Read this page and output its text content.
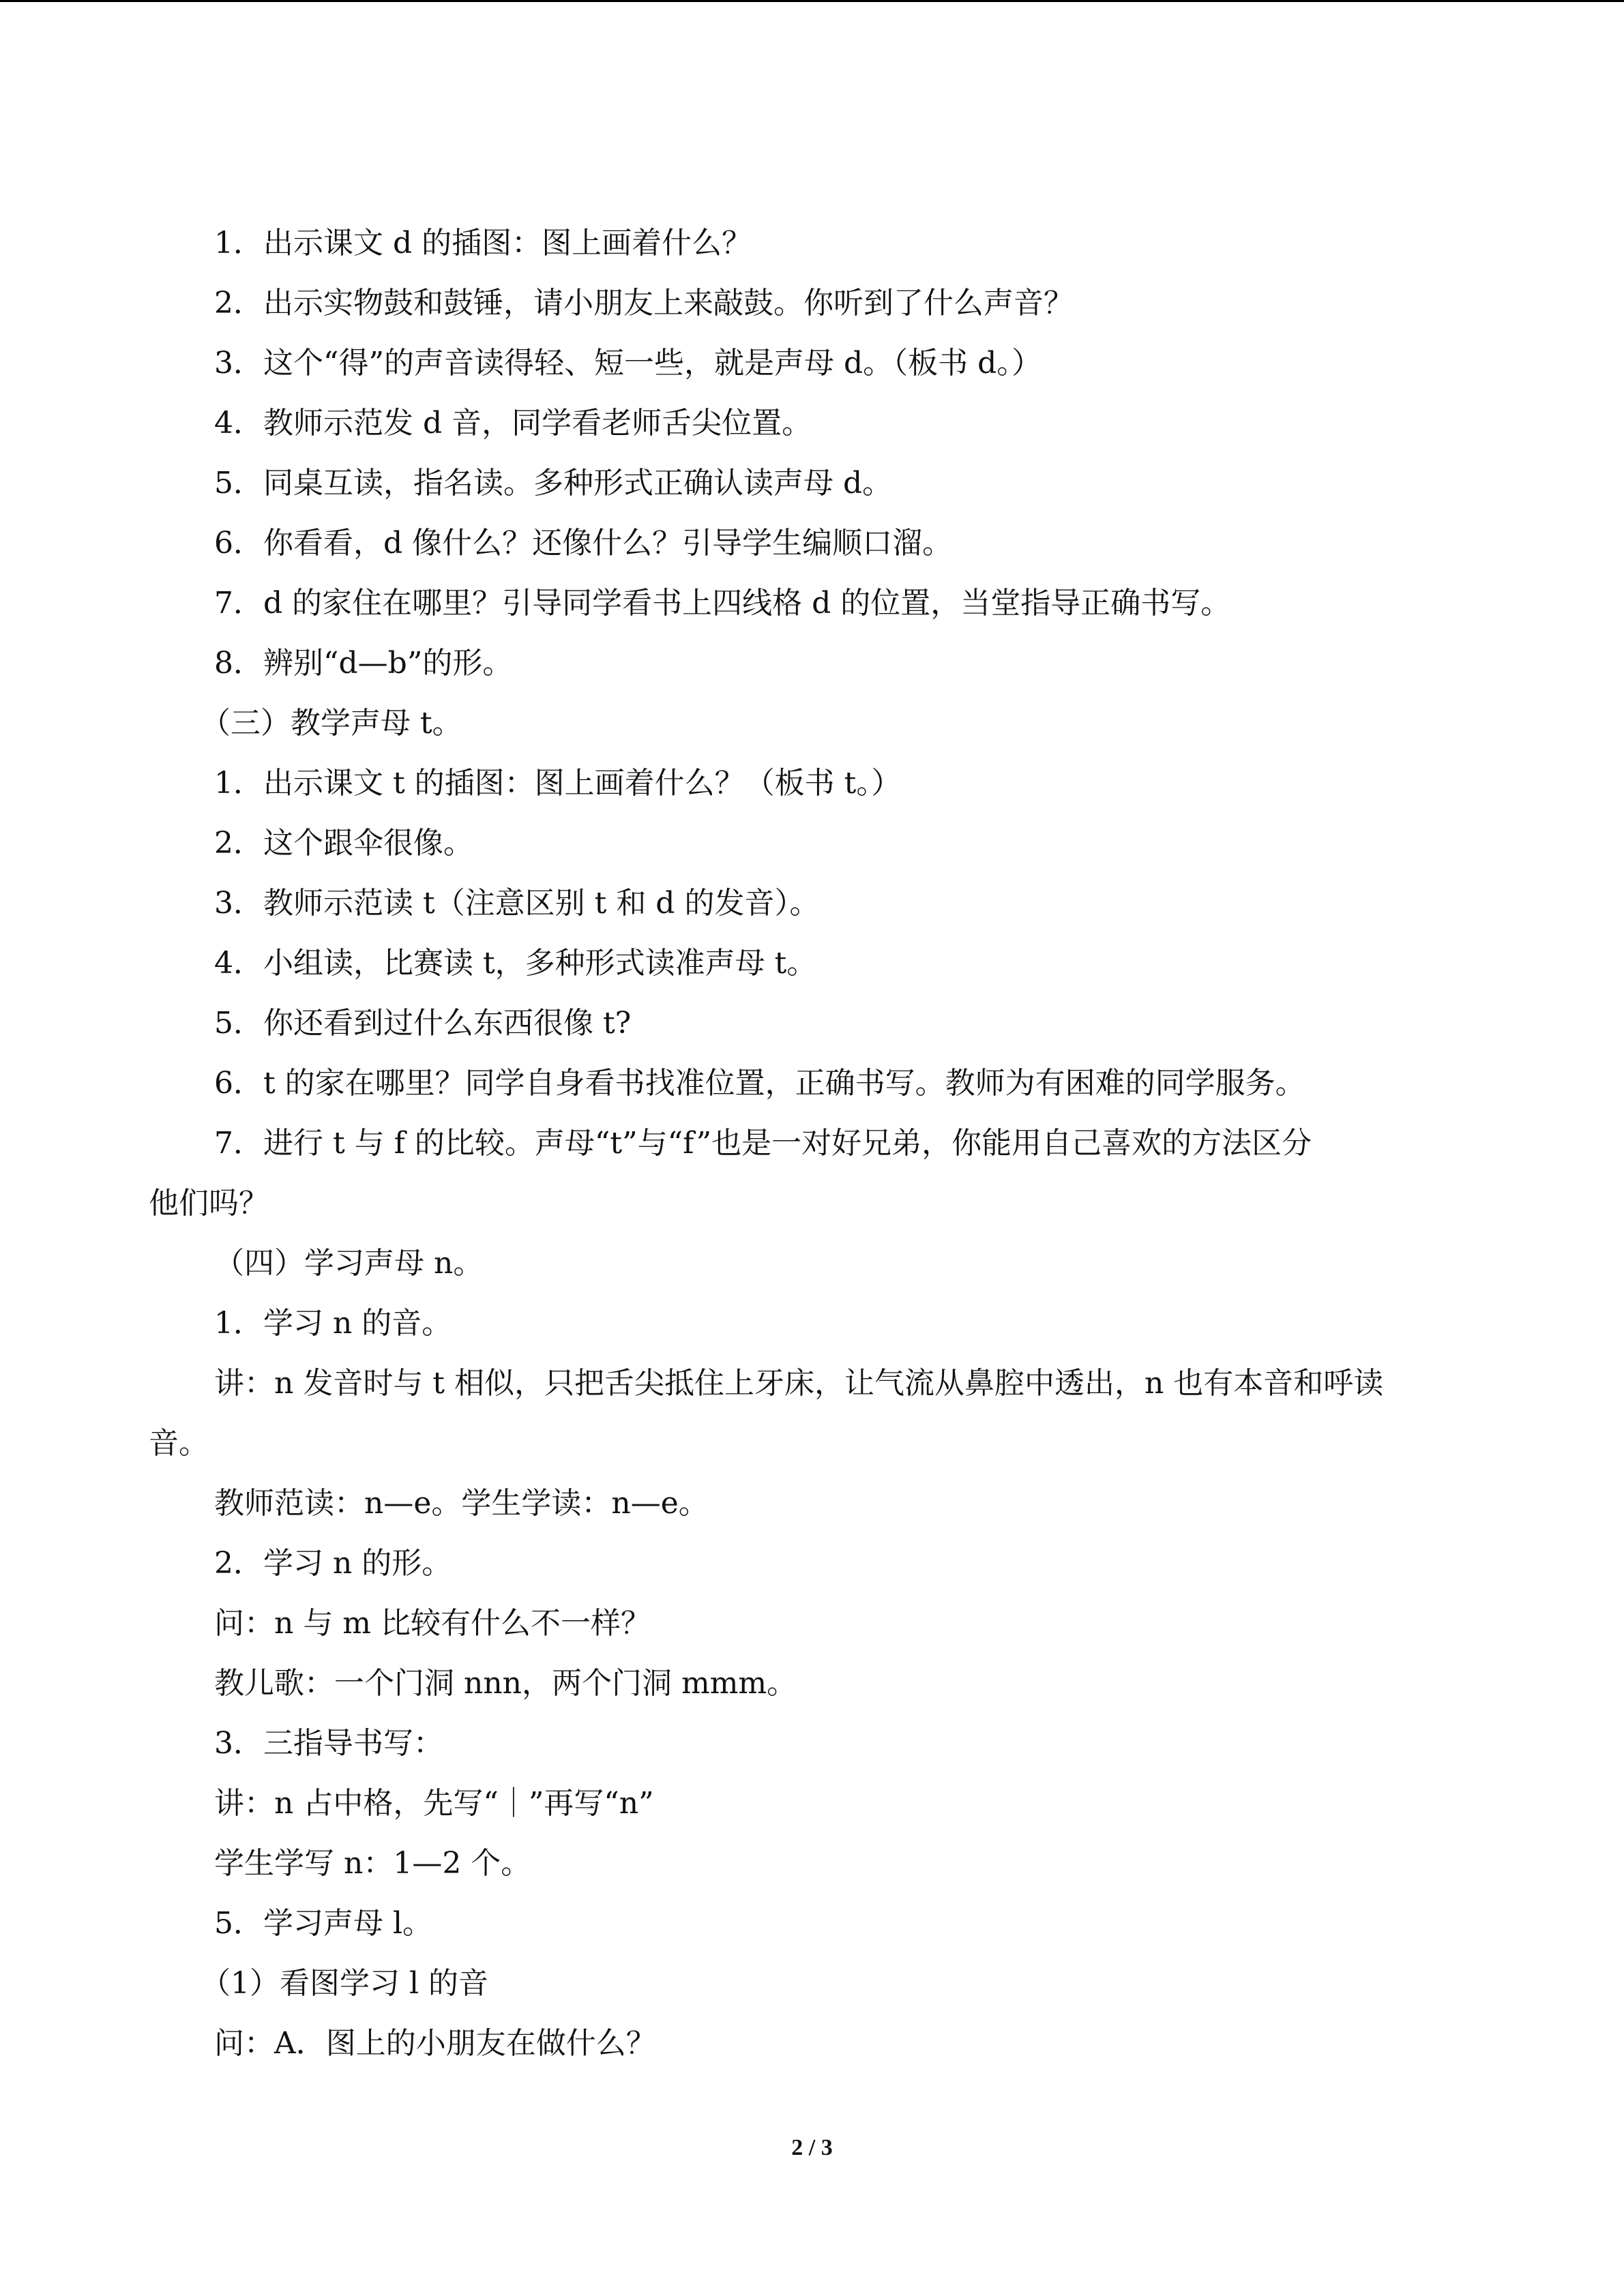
1．出示课文 d 的插图：图上画着什么？
2．出示实物鼓和鼓锤，请小朋友上来敲鼓。你听到了什么声音？
3．这个“得”的声音读得轻、短一些，就是声母 d。（板书 d。）
4．教师示范发 d 音，同学看老师舌尖位置。
5．同桌互读，指名读。多种形式正确认读声母 d。
6．你看看，d 像什么？还像什么？引导学生编顺口溜。
7．d 的家住在哪里？引导同学看书上四线格 d 的位置，当堂指导正确书写。
8．辨别“d—b”的形。
（三）教学声母 t。
1．出示课文 t 的插图：图上画着什么？（板书 t。）
2．这个跟伞很像。
3．教师示范读 t（注意区别 t 和 d 的发音）。
4．小组读，比赛读 t，多种形式读准声母 t。
5．你还看到过什么东西很像 t?
6．t 的家在哪里？同学自身看书找准位置，正确书写。教师为有困难的同学服务。
7．进行 t 与 f 的比较。声母“t”与“f”也是一对好兄弟，你能用自己喜欢的方法区分
他们吗？
（四）学习声母 n。
1．学习 n 的音。
讲：n 发音时与 t 相似，只把舌尖抵住上牙床，让气流从鼻腔中透出，n 也有本音和呼读
音。
教师范读：n—e。学生学读：n—e。
2．学习 n 的形。
问：n 与 m 比较有什么不一样？
教儿歌：一个门洞 nnn，两个门洞 mmm。
3．三指导书写：
讲：n 占中格，先写“｜”再写“n”
学生学写 n：1—2 个。
5．学习声母 l。
（1）看图学习 l 的音
问：A．图上的小朋友在做什么？
2 / 3
